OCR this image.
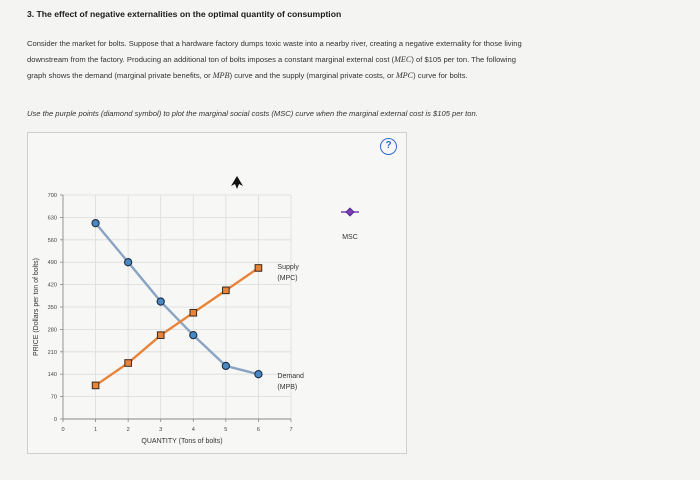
3. The effect of negative externalities on the optimal quantity of consumption
Consider the market for bolts. Suppose that a hardware factory dumps toxic waste into a nearby river, creating a negative externality for those living
downstream from the factory. Producing an additional ton of bolts imposes a constant marginal external cost (MEC) of $105 per ton. The following
graph shows the demand (marginal private benefits, or MPB) curve and the supply (marginal private costs, or MPC) curve for bolts.
Use the purple points (diamond symbol) to plot the marginal social costs (MSC) curve when the marginal external cost is $105 per ton.
0
70
140
210
280
350
420
490
560
630
700
0	1	2	3	4	5	6	7
QUANTITY (Tons of bolts)
PRICE (Dollars per ton of bolts)
Demand
(MPB)
Supply
(MPC)
MSC
?
